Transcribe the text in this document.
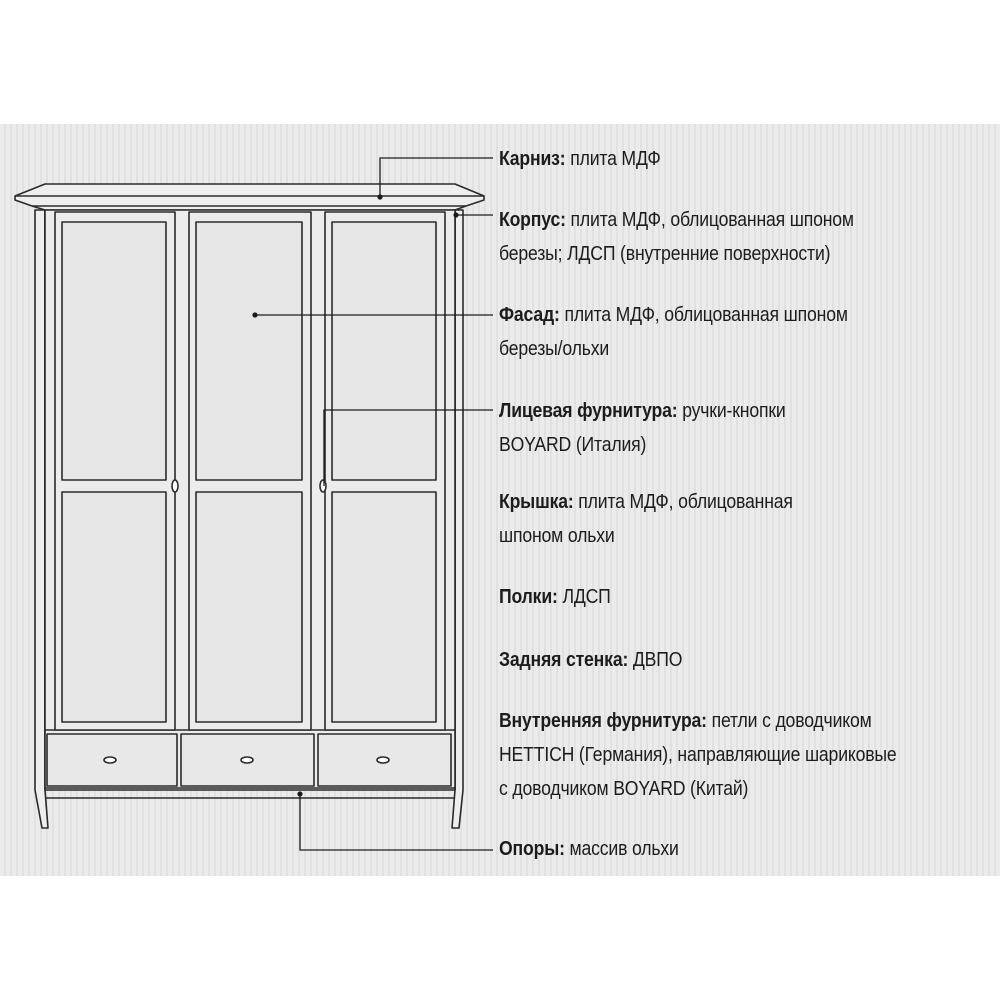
Карниз: плита МДФ
Корпус: плита МДФ, облицованная шпоном
березы; ЛДСП (внутренние поверхности)
Фасад: плита МДФ, облицованная шпоном
березы/ольхи
Лицевая фурнитура: ручки-кнопки
BOYARD (Италия)
Крышка: плита МДФ, облицованная
шпоном ольхи
Полки: ЛДСП
Задняя стенка: ДВПО
Внутренняя фурнитура: петли с доводчиком
HETTICH (Германия), направляющие шариковые
с доводчиком BOYARD (Китай)
Опоры: массив ольхи
